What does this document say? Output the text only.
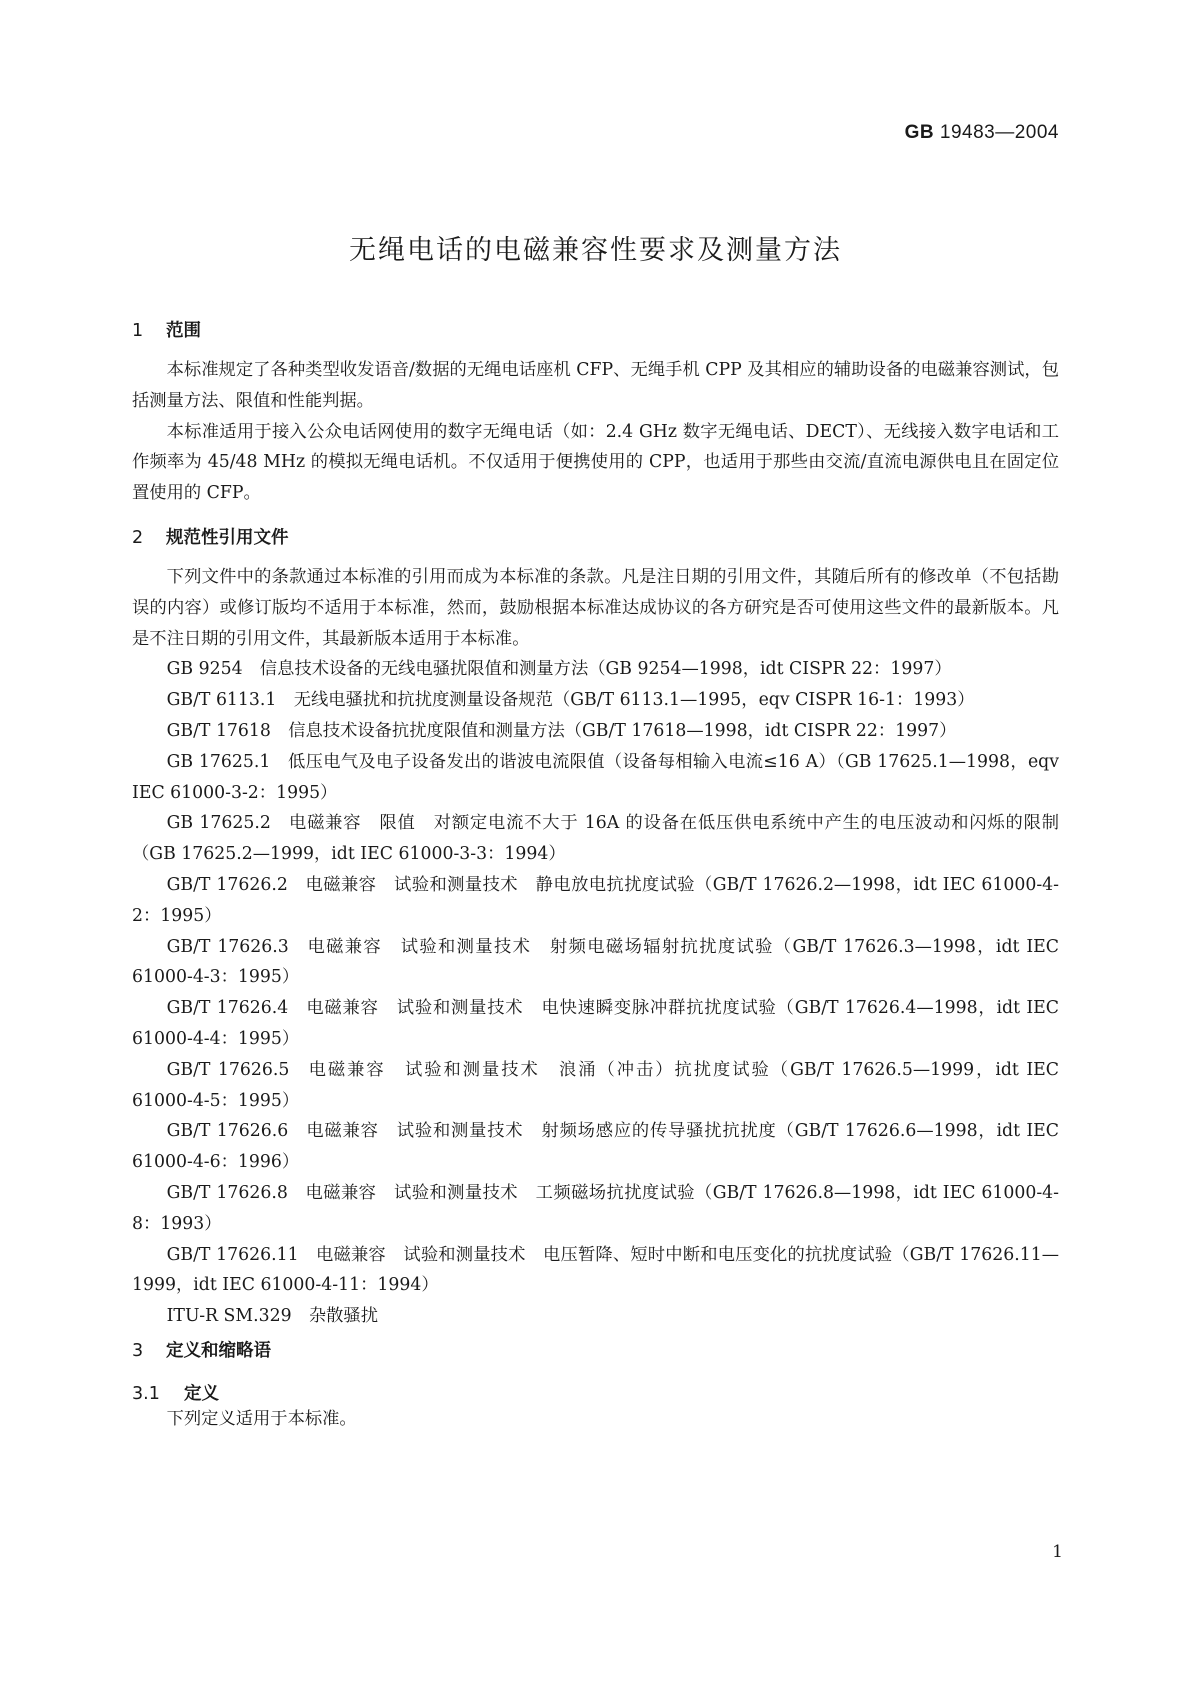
GB 19483—2004
无绳电话的电磁兼容性要求及测量方法
1 范围

本标准规定了各种类型收发语音/数据的无绳电话座机 CFP、无绳手机 CPP 及其相应的辅助设备的电磁兼容测试，包括测量方法、限值和性能判据。

本标准适用于接入公众电话网使用的数字无绳电话（如：2.4 GHz 数字无绳电话、DECT）、无线接入数字电话和工作频率为 45/48 MHz 的模拟无绳电话机。不仅适用于便携使用的 CPP，也适用于那些由交流/直流电源供电且在固定位置使用的 CFP。

2 规范性引用文件

下列文件中的条款通过本标准的引用而成为本标准的条款。凡是注日期的引用文件，其随后所有的修改单（不包括勘误的内容）或修订版均不适用于本标准，然而，鼓励根据本标准达成协议的各方研究是否可使用这些文件的最新版本。凡是不注日期的引用文件，其最新版本适用于本标准。

GB 9254 信息技术设备的无线电骚扰限值和测量方法（GB 9254—1998，idt CISPR 22：1997）

GB/T 6113.1 无线电骚扰和抗扰度测量设备规范（GB/T 6113.1—1995，eqv CISPR 16-1：1993）

GB/T 17618 信息技术设备抗扰度限值和测量方法（GB/T 17618—1998，idt CISPR 22：1997）

GB 17625.1 低压电气及电子设备发出的谐波电流限值（设备每相输入电流≤16 A）（GB 17625.1—1998，eqv IEC 61000-3-2：1995）

GB 17625.2 电磁兼容　限值　对额定电流不大于 16A 的设备在低压供电系统中产生的电压波动和闪烁的限制（GB 17625.2—1999，idt IEC 61000-3-3：1994）

GB/T 17626.2 电磁兼容　试验和测量技术　静电放电抗扰度试验（GB/T 17626.2—1998，idt IEC 61000-4-2：1995）

GB/T 17626.3 电磁兼容　试验和测量技术　射频电磁场辐射抗扰度试验（GB/T 17626.3—1998，idt IEC 61000-4-3：1995）

GB/T 17626.4 电磁兼容　试验和测量技术　电快速瞬变脉冲群抗扰度试验（GB/T 17626.4—1998，idt IEC 61000-4-4：1995）

GB/T 17626.5 电磁兼容　试验和测量技术　浪涌（冲击）抗扰度试验（GB/T 17626.5—1999，idt IEC 61000-4-5：1995）

GB/T 17626.6 电磁兼容　试验和测量技术　射频场感应的传导骚扰抗扰度（GB/T 17626.6—1998，idt IEC 61000-4-6：1996）

GB/T 17626.8 电磁兼容　试验和测量技术　工频磁场抗扰度试验（GB/T 17626.8—1998，idt IEC 61000-4-8：1993）

GB/T 17626.11 电磁兼容　试验和测量技术　电压暂降、短时中断和电压变化的抗扰度试验（GB/T 17626.11—1999，idt IEC 61000-4-11：1994）

ITU-R SM.329 杂散骚扰

3 定义和缩略语
3.1 定义

下列定义适用于本标准。

1
